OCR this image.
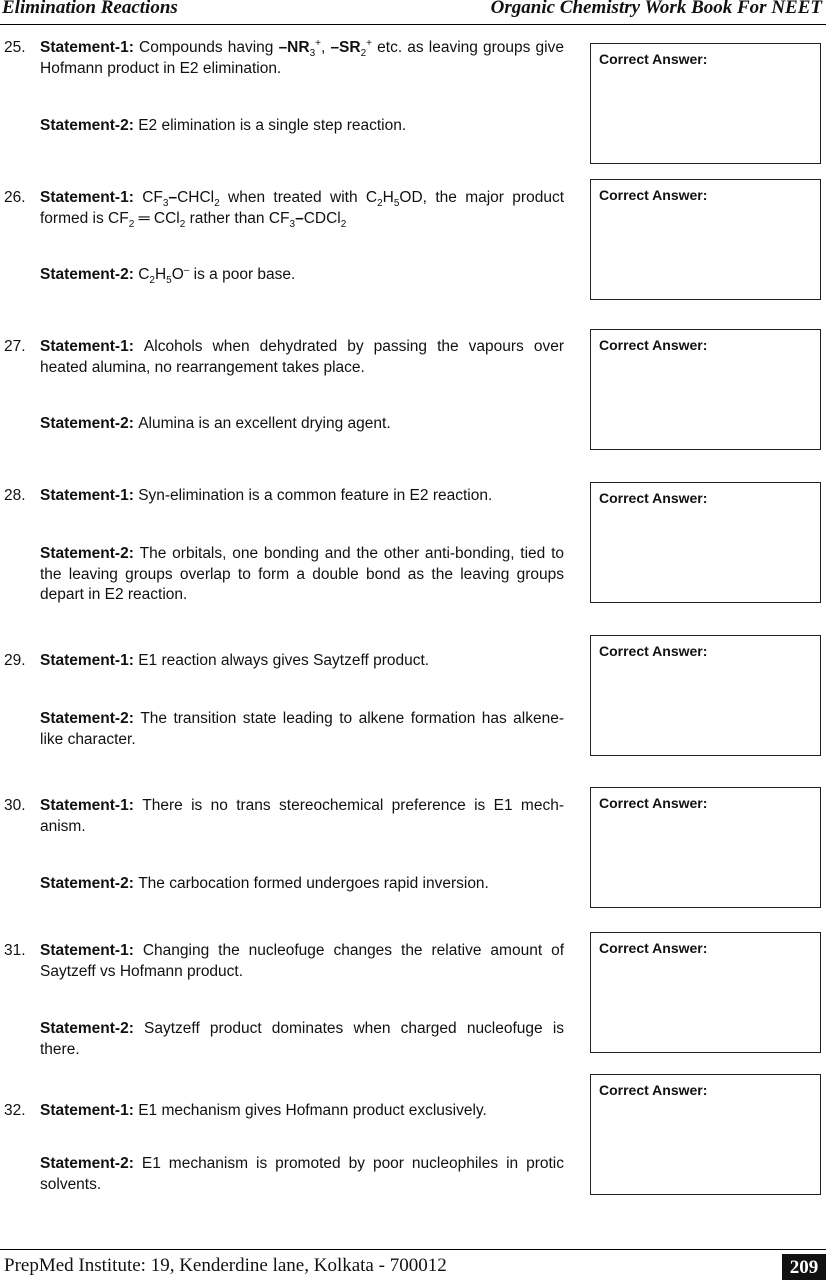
Elimination Reactions	Organic Chemistry Work Book For NEET
25. Statement-1: Compounds having $-NR_3^+$, $-SR_2^+$ etc. as leaving groups give Hofmann product in E2 elimination.
Statement-2: E2 elimination is a single step reaction.
Correct Answer:
26. Statement-1: $CF_3-CHCl_2$ when treated with $C_2H_5OD$, the major product formed is $CF_2$ ═ CCl$_2$ rather than $CF_3-CDCl_2$
Statement-2: $C_2H_5O^-$ is a poor base.
Correct Answer:
27. Statement-1: Alcohols when dehydrated by passing the vapours over heated alumina, no rearrangement takes place.
Statement-2: Alumina is an excellent drying agent.
Correct Answer:
28. Statement-1: Syn-elimination is a common feature in E2 reaction.
Statement-2: The orbitals, one bonding and the other anti-bonding, tied to the leaving groups overlap to form a double bond as the leaving groups depart in E2 reaction.
Correct Answer:
29. Statement-1: E1 reaction always gives Saytzeff product.
Statement-2: The transition state leading to alkene formation has alkene-like character.
Correct Answer:
30. Statement-1: There is no trans stereochemical preference is E1 mech-anism.
Statement-2: The carbocation formed undergoes rapid inversion.
Correct Answer:
31. Statement-1: Changing the nucleofuge changes the relative amount of Saytzeff vs Hofmann product.
Statement-2: Saytzeff product dominates when charged nucleofuge is there.
Correct Answer:
32. Statement-1: E1 mechanism gives Hofmann product exclusively.
Statement-2: E1 mechanism is promoted by poor nucleophiles in protic solvents.
Correct Answer:
PrepMed Institute: 19, Kenderdine lane, Kolkata - 700012	209
